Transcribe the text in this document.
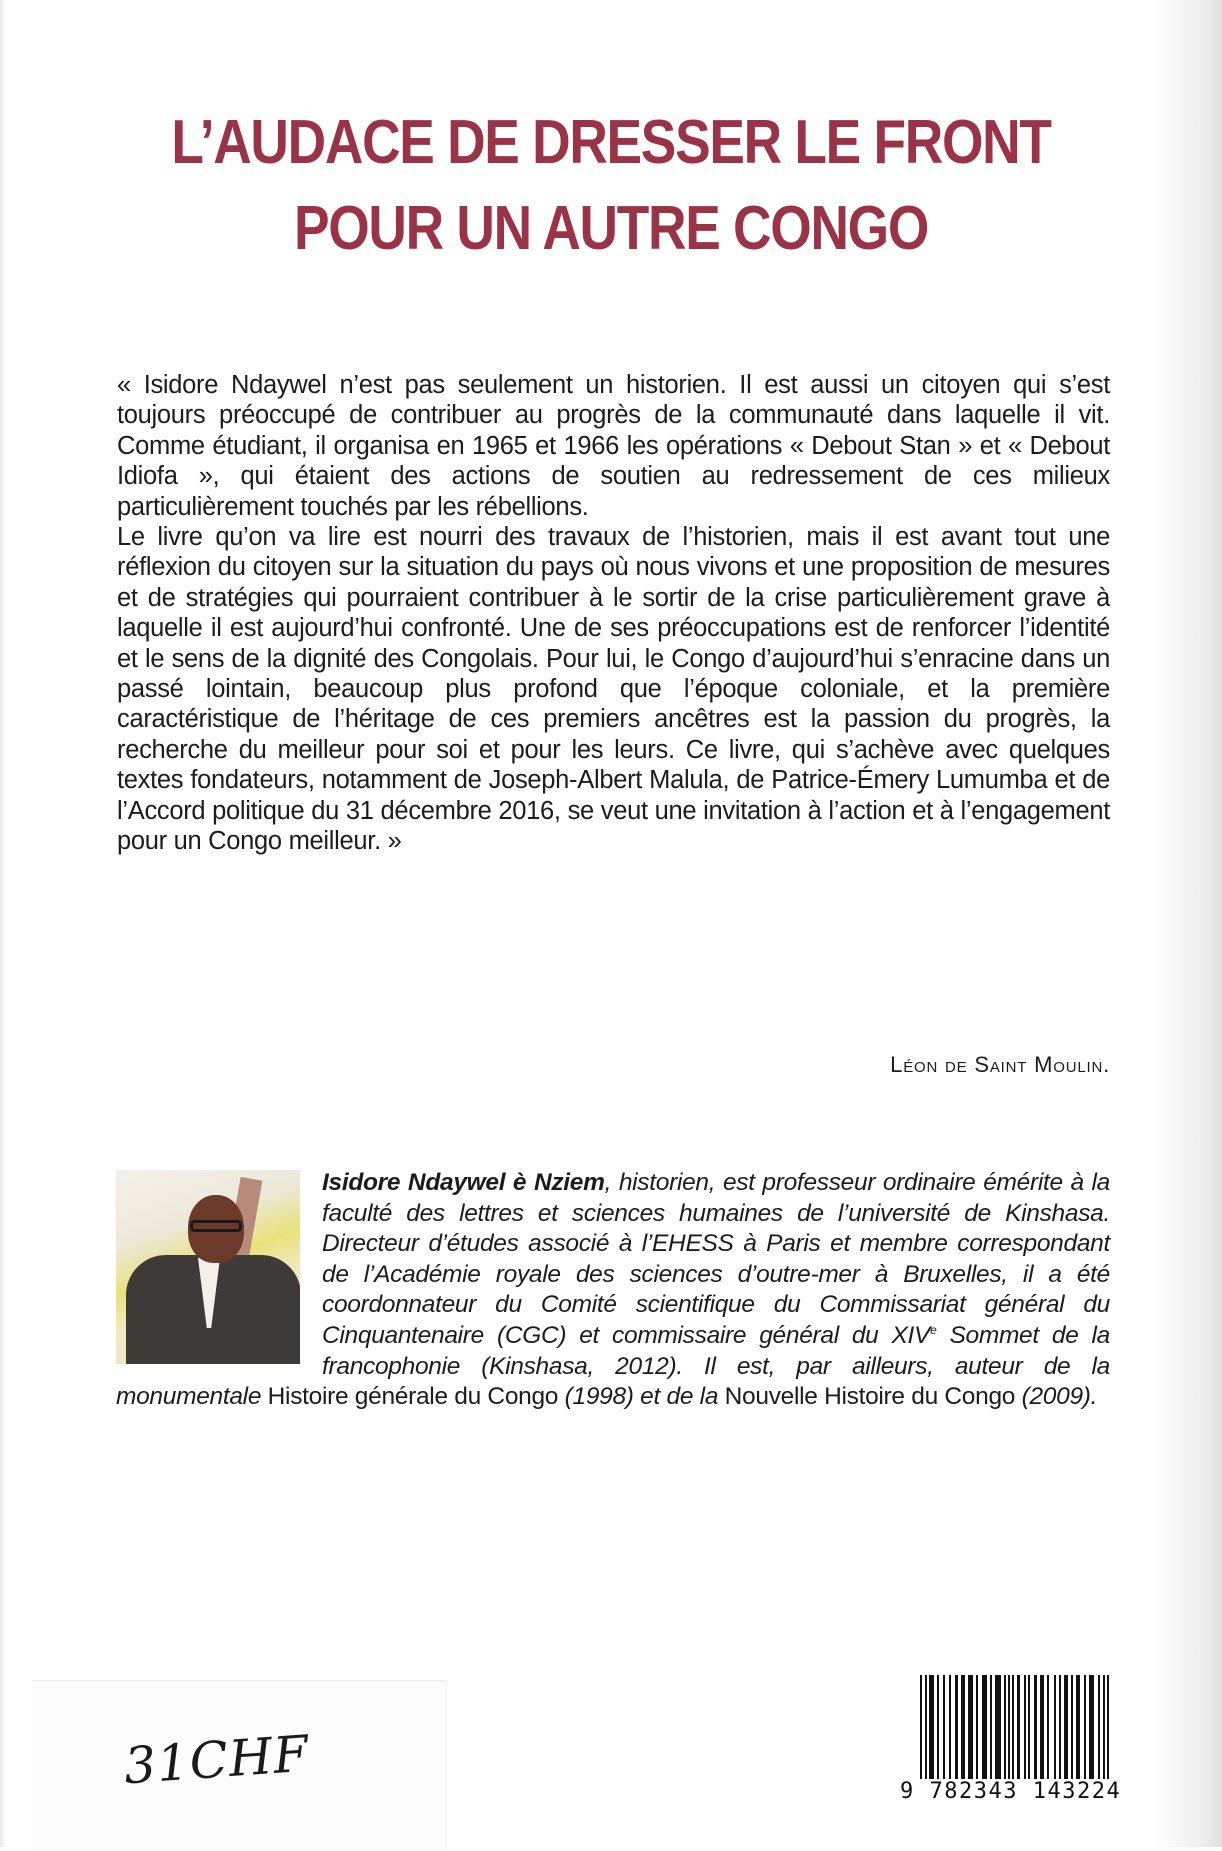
L’AUDACE DE DRESSER LE FRONT
POUR UN AUTRE CONGO

« Isidore Ndaywel n’est pas seulement un historien. Il est aussi un citoyen qui s’est toujours préoccupé de contribuer au progrès de la communauté dans laquelle il vit. Comme étudiant, il organisa en 1965 et 1966 les opérations « Debout Stan » et « Debout Idiofa », qui étaient des actions de soutien au redressement de ces milieux particulièrement touchés par les rébellions.

Le livre qu’on va lire est nourri des travaux de l’historien, mais il est avant tout une réflexion du citoyen sur la situation du pays où nous vivons et une proposition de mesures et de stratégies qui pourraient contribuer à le sortir de la crise particulièrement grave à laquelle il est aujourd’hui confronté. Une de ses préoccupations est de renforcer l’identité et le sens de la dignité des Congolais. Pour lui, le Congo d’aujourd’hui s’enracine dans un passé lointain, beaucoup plus profond que l’époque coloniale, et la première caractéristique de l’héritage de ces premiers ancêtres est la passion du progrès, la recherche du meilleur pour soi et pour les leurs. Ce livre, qui s’achève avec quelques textes fondateurs, notamment de Joseph-Albert Malula, de Patrice-Émery Lumumba et de l’Accord politique du 31 décembre 2016, se veut une invitation à l’action et à l’engagement pour un Congo meilleur. »

Léon de Saint Moulin.
Isidore Ndaywel è Nziem, historien, est professeur ordinaire émérite à la faculté des lettres et sciences humaines de l’université de Kinshasa. Directeur d’études associé à l’EHESS à Paris et membre correspondant de l’Académie royale des sciences d’outre-mer à Bruxelles, il a été coordonnateur du Comité scientifique du Commissariat général du Cinquantenaire (CGC) et commissaire général du XIVe Sommet de la francophonie (Kinshasa, 2012). Il est, par ailleurs, auteur de la monumentale Histoire générale du Congo (1998) et de la Nouvelle Histoire du Congo (2009).
31CHF	9 782343 143224
